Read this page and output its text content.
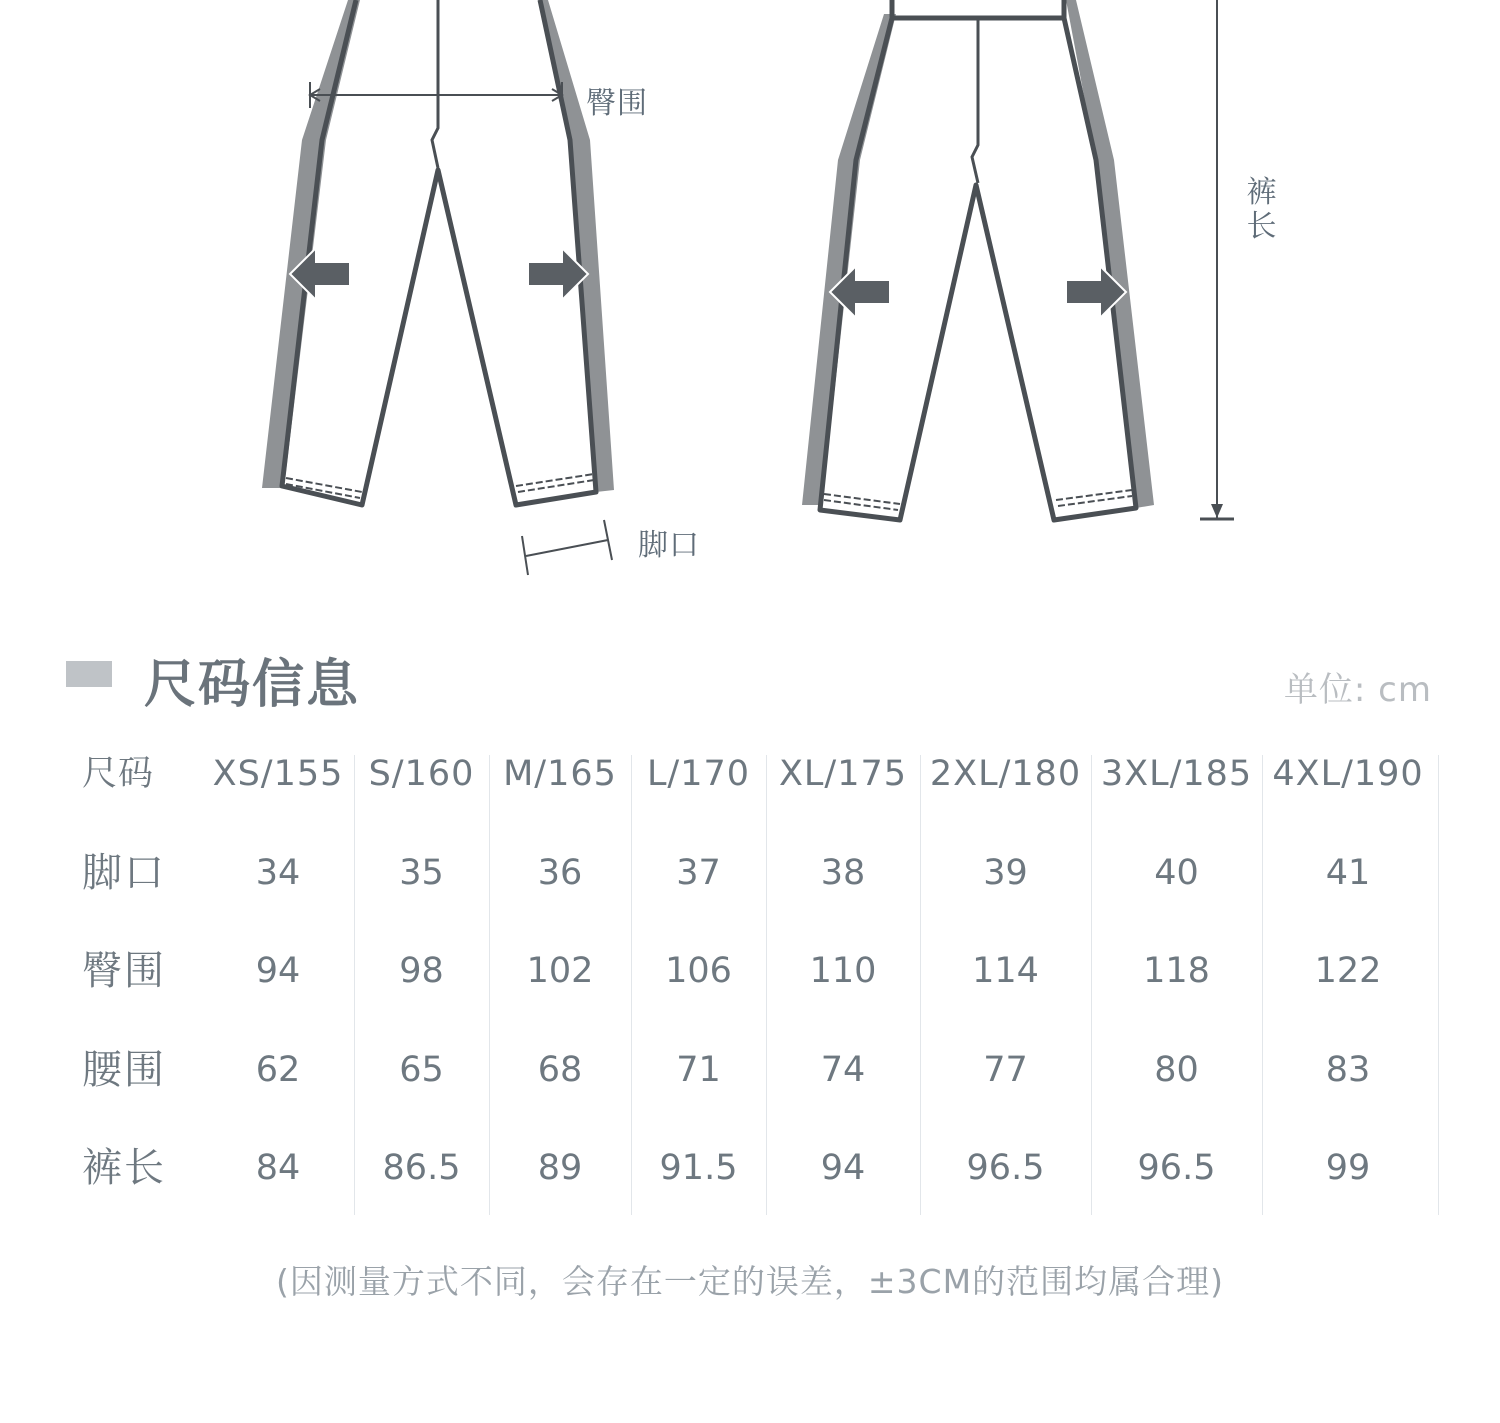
臀围
脚口
裤长
尺码信息	单位: cm
尺码	XS/155 S/160 M/165 L/170 XL/175 2XL/180 3XL/185 4XL/190
脚口	34	35	36	37	38	39	40	41
臀围	94	98	102	106	110	114	118	122
腰围	62	65	68	71	74	77	80	83
裤长	84	86.5	89	91.5	94	96.5	96.5	99
(因测量方式不同，会存在一定的误差，±3CM的范围均属合理)
